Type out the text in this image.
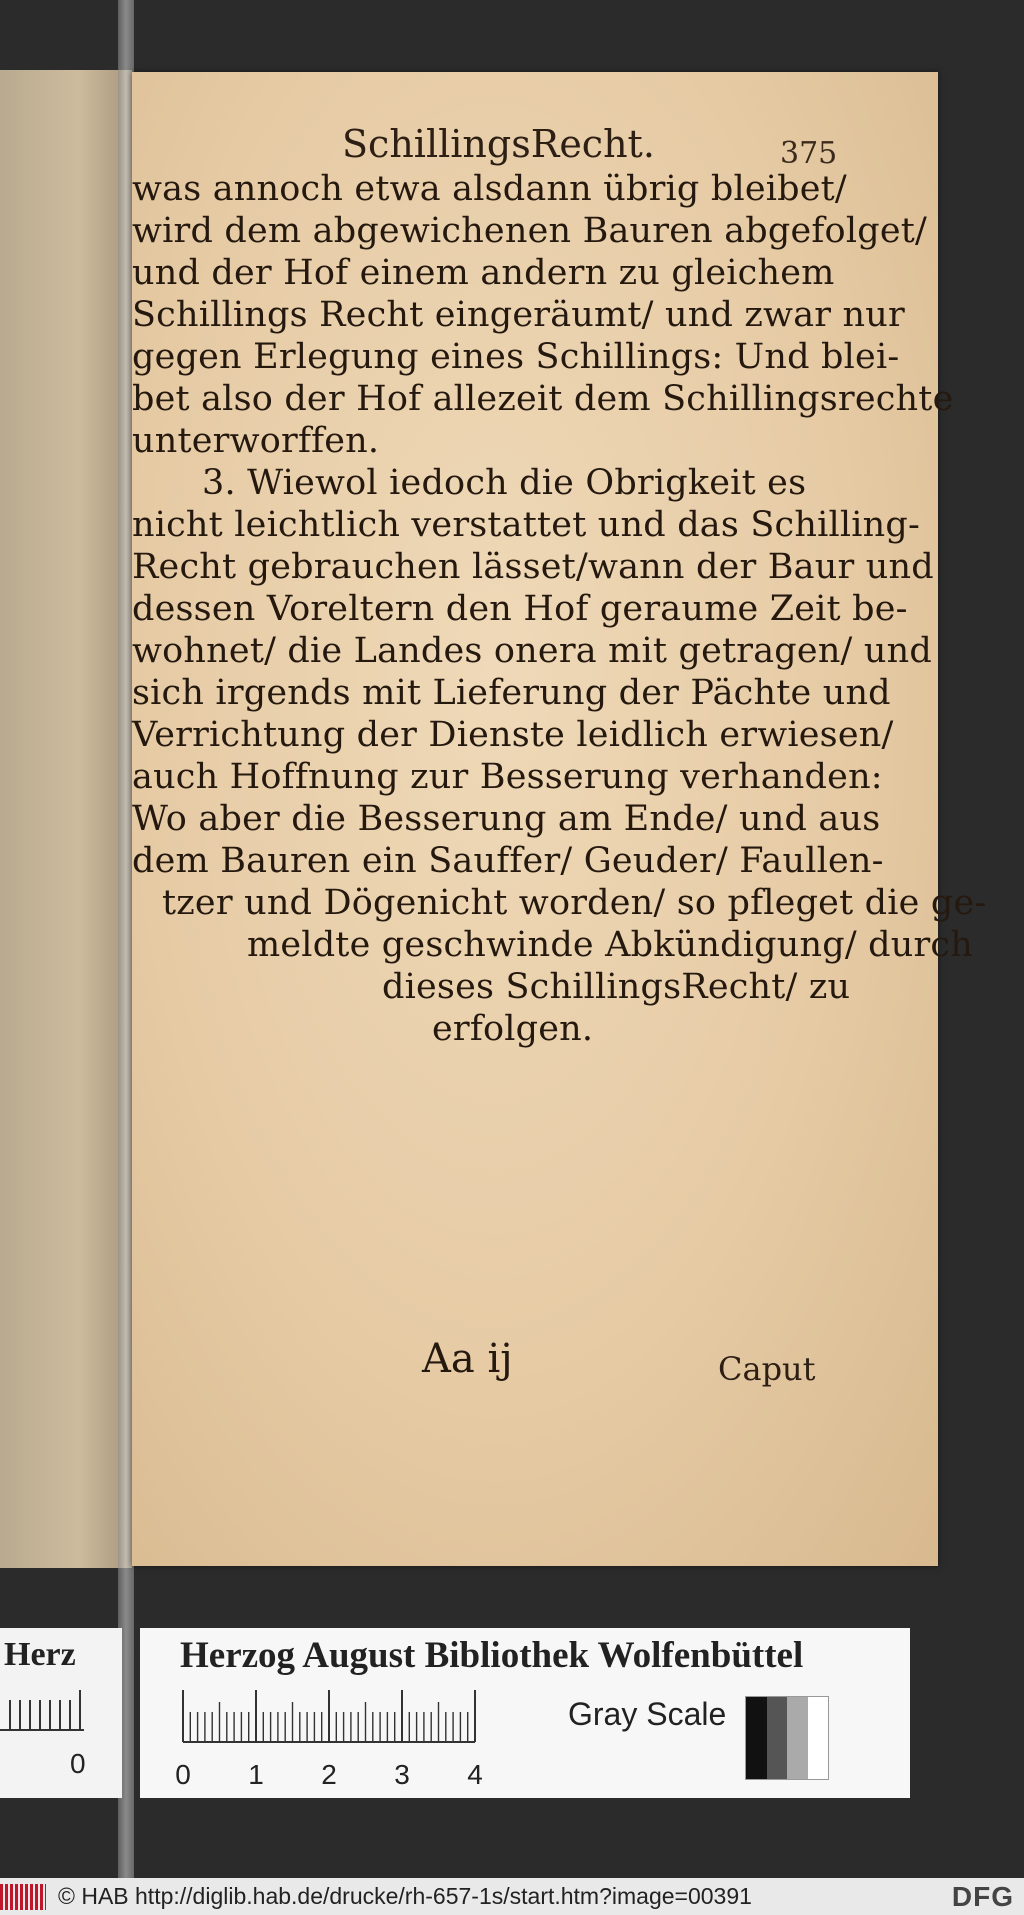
SchillingsRecht.	375
was annoch etwa alsdann übrig bleibet/
wird dem abgewichenen Bauren abgefolget/
und der Hof einem andern zu gleichem
Schillings Recht eingeräumt/ und zwar nur
gegen Erlegung eines Schillings: Und blei-
bet also der Hof allezeit dem Schillingsrechte
unterworffen.
3. Wiewol iedoch die Obrigkeit es
nicht leichtlich verstattet und das Schilling-
Recht gebrauchen lässet/wann der Baur und
dessen Voreltern den Hof geraume Zeit be-
wohnet/ die Landes onera mit getragen/ und
sich irgends mit Lieferung der Pächte und
Verrichtung der Dienste leidlich erwiesen/
auch Hoffnung zur Besserung verhanden:
Wo aber die Besserung am Ende/ und aus
dem Bauren ein Sauffer/ Geuder/ Faullen-
tzer und Dögenicht worden/ so pfleget die ge-
meldte geschwinde Abkündigung/ durch
dieses SchillingsRecht/ zu
erfolgen.
Aa ij	Caput
Herz
0
Herzog August Bibliothek Wolfenbüttel
0 1 2 3 4
Gray Scale
© HAB http://diglib.hab.de/drucke/rh-657-1s/start.htm?image=00391	DFG
